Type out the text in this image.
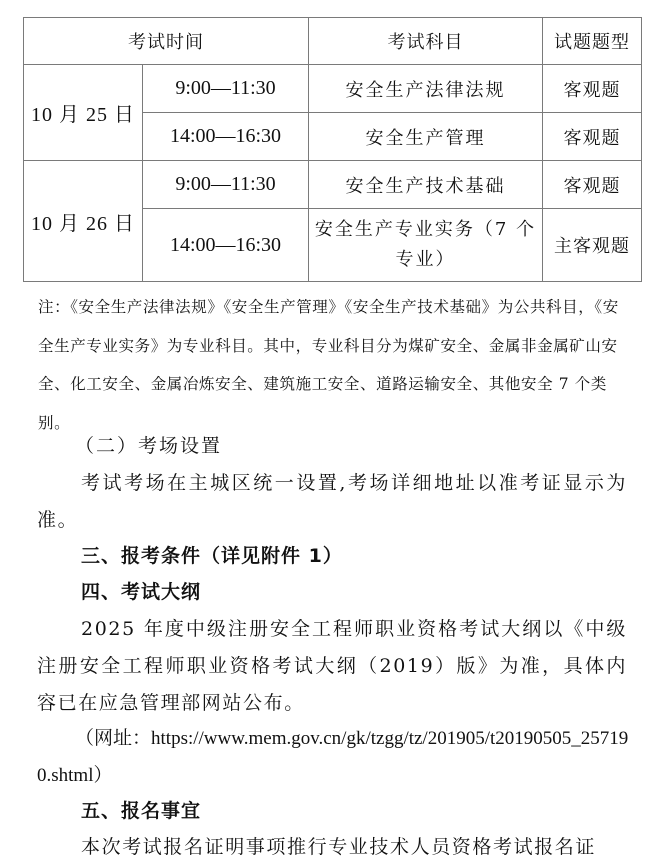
考试时间		考试科目	试题题型
10 月 25 日	9:00—11:30	安全生产法律法规	客观题
	14:00—16:30	安全生产管理	客观题
10 月 26 日	9:00—11:30	安全生产技术基础	客观题
	14:00—16:30	安全生产专业实务（7 个专业）	主客观题

注：《安全生产法律法规》《安全生产管理》《安全生产技术基础》为公共科目，《安全生产专业实务》为专业科目。其中，专业科目分为煤矿安全、金属非金属矿山安全、化工安全、金属冶炼安全、建筑施工安全、道路运输安全、其他安全 7 个类别。

（二）考场设置

考试考场在主城区统一设置,考场详细地址以准考证显示为准。

三、报考条件（详见附件 1）

四、考试大纲

2025 年度中级注册安全工程师职业资格考试大纲以《中级注册安全工程师职业资格考试大纲（2019）版》为准，具体内容已在应急管理部网站公布。

（网址：https://www.mem.gov.cn/gk/tzgg/tz/201905/t20190505_257190.shtml）

五、报名事宜

本次考试报名证明事项推行专业技术人员资格考试报名证
